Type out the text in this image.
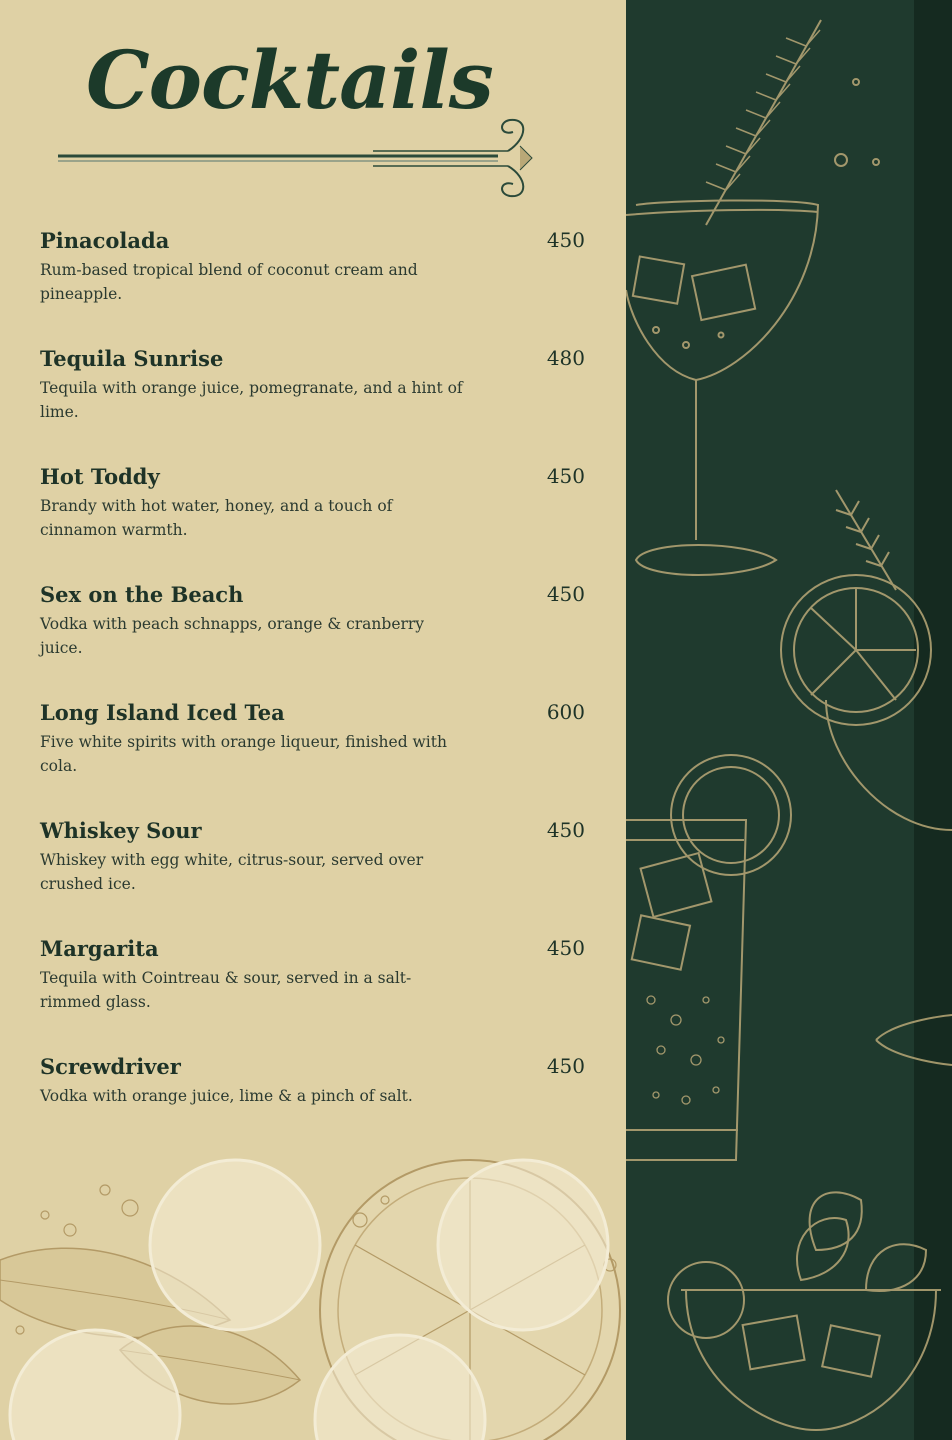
Cocktails
Pinacolada	450

Rum-based tropical blend of coconut cream and pineapple.

Tequila Sunrise	480

Tequila with orange juice, pomegranate, and a hint of lime.

Hot Toddy	450

Brandy with hot water, honey, and a touch of cinnamon warmth.

Sex on the Beach	450

Vodka with peach schnapps, orange & cranberry juice.

Long Island Iced Tea	600

Five white spirits with orange liqueur, finished with cola.

Whiskey Sour	450

Whiskey with egg white, citrus-sour, served over crushed ice.

Margarita	450

Tequila with Cointreau & sour, served in a salt-rimmed glass.

Screwdriver	450

Vodka with orange juice, lime & a pinch of salt.
